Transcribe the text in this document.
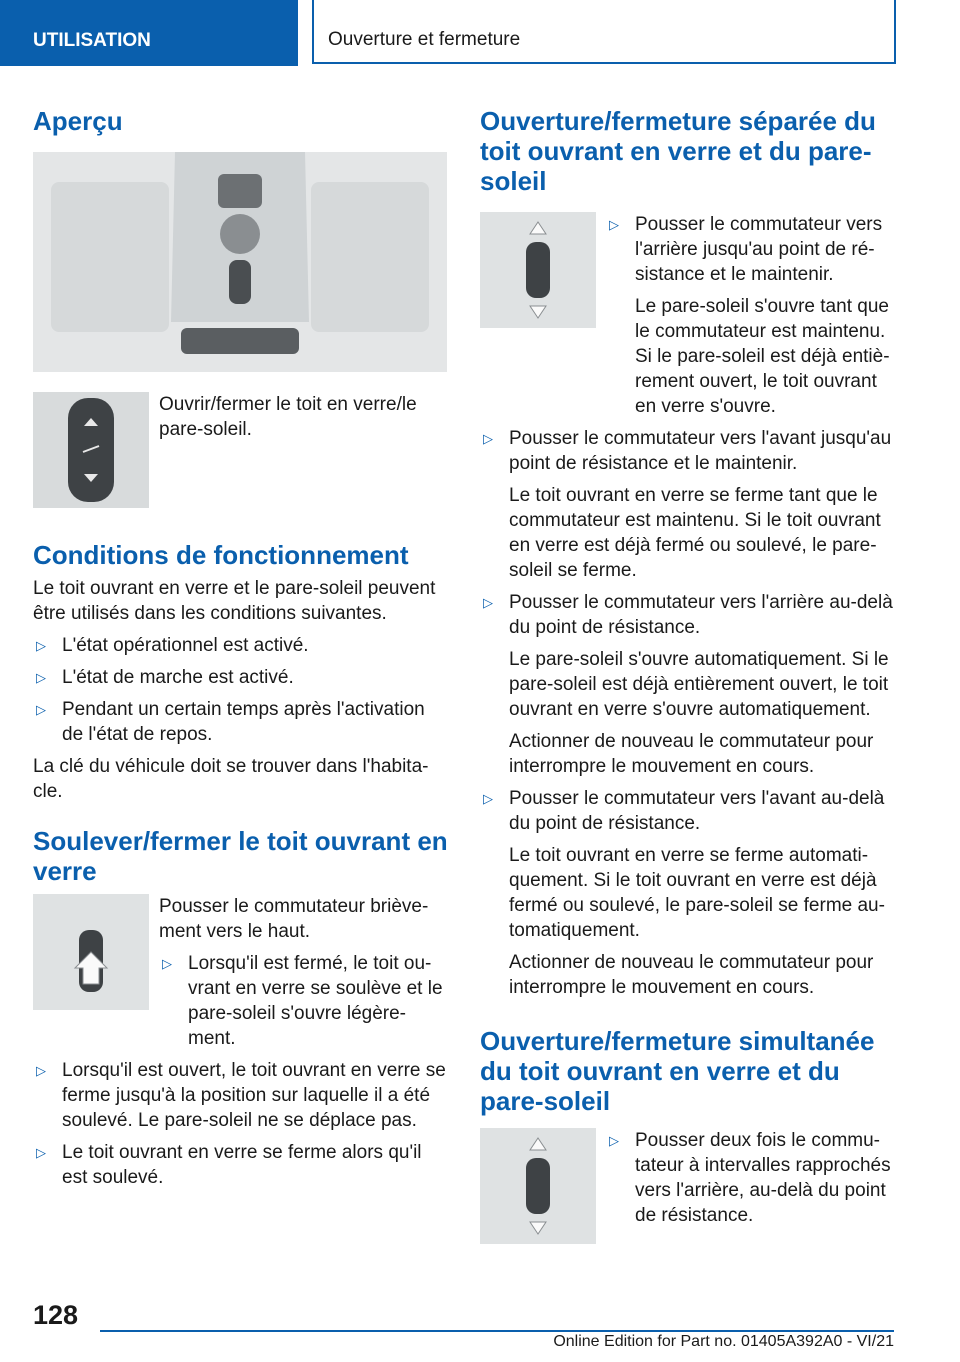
UTILISATION	Ouverture et fermeture
Aperçu

Ouvrir/fermer le toit en verre/le pare-soleil.

Conditions de fonctionnement

Le toit ouvrant en verre et le pare-soleil peuvent être utilisés dans les conditions suivantes.

▷ L'état opérationnel est activé.
▷ L'état de marche est activé.
▷ Pendant un certain temps après l'activation de l'état de repos.

La clé du véhicule doit se trouver dans l'habita-cle.

Soulever/fermer le toit ouvrant en verre

Pousser le commutateur briève-ment vers le haut.

▷ Lorsqu'il est fermé, le toit ou-vrant en verre se soulève et le pare-soleil s'ouvre légère-ment.
▷ Lorsqu'il est ouvert, le toit ouvrant en verre se ferme jusqu'à la position sur laquelle il a été soulevé. Le pare-soleil ne se déplace pas.
▷ Le toit ouvrant en verre se ferme alors qu'il est soulevé.
Ouverture/fermeture séparée du toit ouvrant en verre et du pare-soleil
▷ Pousser le commutateur vers l'arrière jusqu'au point de ré-sistance et le maintenir.
Le pare-soleil s'ouvre tant que le commutateur est maintenu. Si le pare-soleil est déjà entiè-rement ouvert, le toit ouvrant en verre s'ouvre.
▷ Pousser le commutateur vers l'avant jusqu'au point de résistance et le maintenir.
Le toit ouvrant en verre se ferme tant que le commutateur est maintenu. Si le toit ouvrant en verre est déjà fermé ou soulevé, le pare-soleil se ferme.
▷ Pousser le commutateur vers l'arrière au-delà du point de résistance.
Le pare-soleil s'ouvre automatiquement. Si le pare-soleil est déjà entièrement ouvert, le toit ouvrant en verre s'ouvre automatiquement.
Actionner de nouveau le commutateur pour interrompre le mouvement en cours.
▷ Pousser le commutateur vers l'avant au-delà du point de résistance.
Le toit ouvrant en verre se ferme automati-quement. Si le toit ouvrant en verre est déjà fermé ou soulevé, le pare-soleil se ferme au-tomatiquement.
Actionner de nouveau le commutateur pour interrompre le mouvement en cours.
Ouverture/fermeture simultanée du toit ouvrant en verre et du pare-soleil
▷ Pousser deux fois le commu-tateur à intervalles rapprochés vers l'arrière, au-delà du point de résistance.
128
Online Edition for Part no. 01405A392A0 - VI/21
